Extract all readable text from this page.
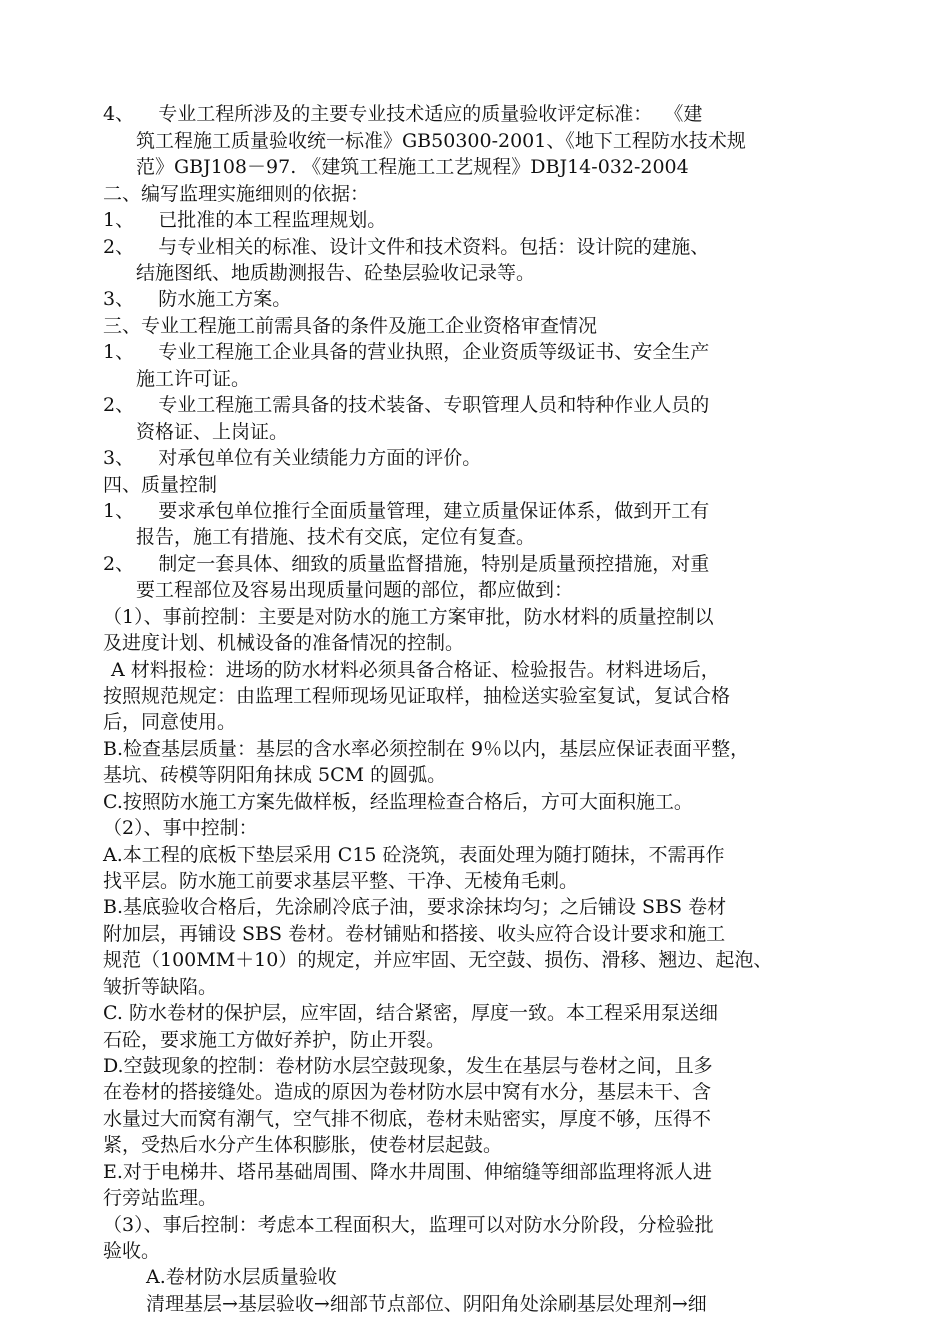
4、    专业工程所涉及的主要专业技术适应的质量验收评定标准：  《建
筑工程施工质量验收统一标准》GB50300-2001、《地下工程防水技术规
范》GBJ108－97. 《建筑工程施工工艺规程》DBJ14-032-2004
二、编写监理实施细则的依据：
1、    已批准的本工程监理规划。
2、    与专业相关的标准、设计文件和技术资料。包括：设计院的建施、
结施图纸、地质勘测报告、砼垫层验收记录等。
3、    防水施工方案。
三、专业工程施工前需具备的条件及施工企业资格审查情况
1、    专业工程施工企业具备的营业执照，企业资质等级证书、安全生产
施工许可证。
2、    专业工程施工需具备的技术装备、专职管理人员和特种作业人员的
资格证、上岗证。
3、    对承包单位有关业绩能力方面的评价。
四、质量控制
1、    要求承包单位推行全面质量管理，建立质量保证体系，做到开工有
报告，施工有措施、技术有交底，定位有复查。
2、    制定一套具体、细致的质量监督措施，特别是质量预控措施，对重
要工程部位及容易出现质量问题的部位，都应做到：
（1）、事前控制：主要是对防水的施工方案审批，防水材料的质量控制以
及进度计划、机械设备的准备情况的控制。
A 材料报检：进场的防水材料必须具备合格证、检验报告。材料进场后，
按照规范规定：由监理工程师现场见证取样，抽检送实验室复试，复试合格
后，同意使用。
B.检查基层质量：基层的含水率必须控制在 9％以内，基层应保证表面平整，
基坑、砖模等阴阳角抹成 5CM 的圆弧。
C.按照防水施工方案先做样板，经监理检查合格后，方可大面积施工。
（2）、事中控制：
A.本工程的底板下垫层采用 C15 砼浇筑，表面处理为随打随抹，不需再作
找平层。防水施工前要求基层平整、干净、无棱角毛刺。
B.基底验收合格后，先涂刷冷底子油，要求涂抹均匀；之后铺设 SBS 卷材
附加层，再铺设 SBS 卷材。卷材铺贴和搭接、收头应符合设计要求和施工
规范（100MM＋10）的规定，并应牢固、无空鼓、损伤、滑移、翘边、起泡、
皱折等缺陷。
C. 防水卷材的保护层，应牢固，结合紧密，厚度一致。本工程采用泵送细
石砼，要求施工方做好养护，防止开裂。
D.空鼓现象的控制：卷材防水层空鼓现象，发生在基层与卷材之间，且多
在卷材的搭接缝处。造成的原因为卷材防水层中窝有水分，基层未干、含
水量过大而窝有潮气，空气排不彻底，卷材未贴密实，厚度不够，压得不
紧，受热后水分产生体积膨胀，使卷材层起鼓。
E.对于电梯井、塔吊基础周围、降水井周围、伸缩缝等细部监理将派人进
行旁站监理。
（3）、事后控制：考虑本工程面积大，监理可以对防水分阶段，分检验批
验收。
A.卷材防水层质量验收
清理基层→基层验收→细部节点部位、阴阳角处涂刷基层处理剂→细
